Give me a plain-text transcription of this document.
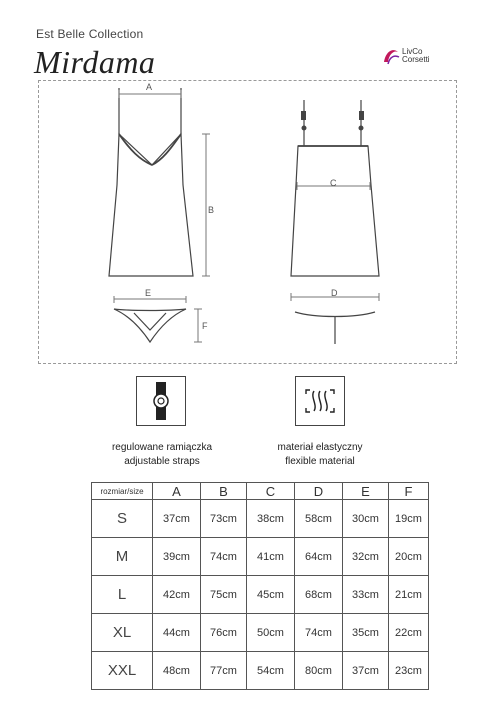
Est Belle Collection
Mirdama	LivCo
Corsetti
A
B
E
F
C
D
regulowane ramiączka
adjustable straps
materiał elastyczny
flexible material
rozmiar/size	A	B	C	D	E	F
S	37cm	73cm	38cm	58cm	30cm	19cm
M	39cm	74cm	41cm	64cm	32cm	20cm
L	42cm	75cm	45cm	68cm	33cm	21cm
XL	44cm	76cm	50cm	74cm	35cm	22cm
XXL	48cm	77cm	54cm	80cm	37cm	23cm
